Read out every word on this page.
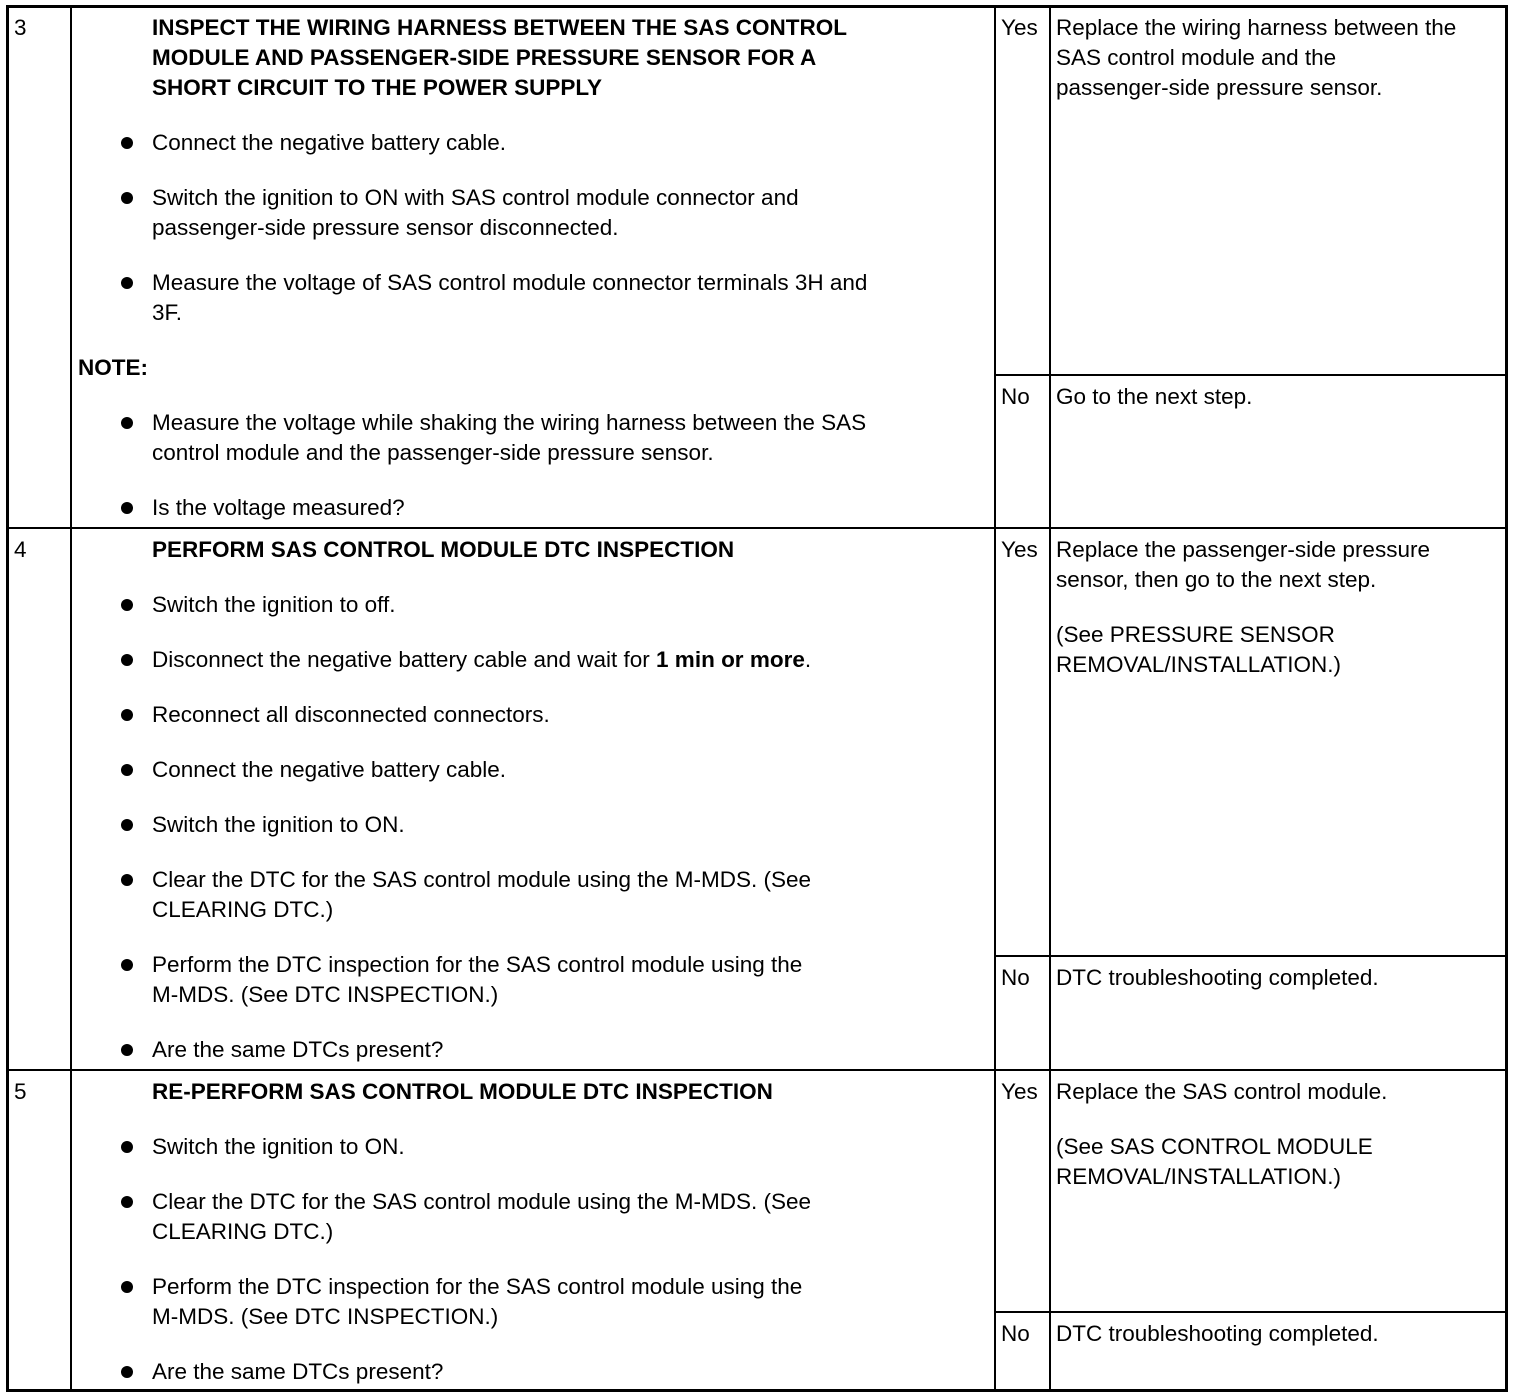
3	INSPECT THE WIRING HARNESS BETWEEN THE SAS CONTROL
MODULE AND PASSENGER-SIDE PRESSURE SENSOR FOR A
SHORT CIRCUIT TO THE POWER SUPPLY
Connect the negative battery cable.
Switch the ignition to ON with SAS control module connector and
passenger-side pressure sensor disconnected.
Measure the voltage of SAS control module connector terminals 3H and
3F.
NOTE:
Measure the voltage while shaking the wiring harness between the SAS
control module and the passenger-side pressure sensor.
Is the voltage measured?
Yes Replace the wiring harness between the
SAS control module and the
passenger-side pressure sensor.
No	Go to the next step.
4	PERFORM SAS CONTROL MODULE DTC INSPECTION
Switch the ignition to off.
Disconnect the negative battery cable and wait for 1 min or more.
Reconnect all disconnected connectors.
Connect the negative battery cable.
Switch the ignition to ON.
Clear the DTC for the SAS control module using the M-MDS. (See
CLEARING DTC.)
Perform the DTC inspection for the SAS control module using the
M-MDS. (See DTC INSPECTION.)
Are the same DTCs present?
Yes Replace the passenger-side pressure
sensor, then go to the next step.
(See PRESSURE SENSOR
REMOVAL/INSTALLATION.)
No	DTC troubleshooting completed.
5	RE-PERFORM SAS CONTROL MODULE DTC INSPECTION
Switch the ignition to ON.
Clear the DTC for the SAS control module using the M-MDS. (See
CLEARING DTC.)
Perform the DTC inspection for the SAS control module using the
M-MDS. (See DTC INSPECTION.)
Are the same DTCs present?
Yes Replace the SAS control module.
(See SAS CONTROL MODULE
REMOVAL/INSTALLATION.)
No	DTC troubleshooting completed.
